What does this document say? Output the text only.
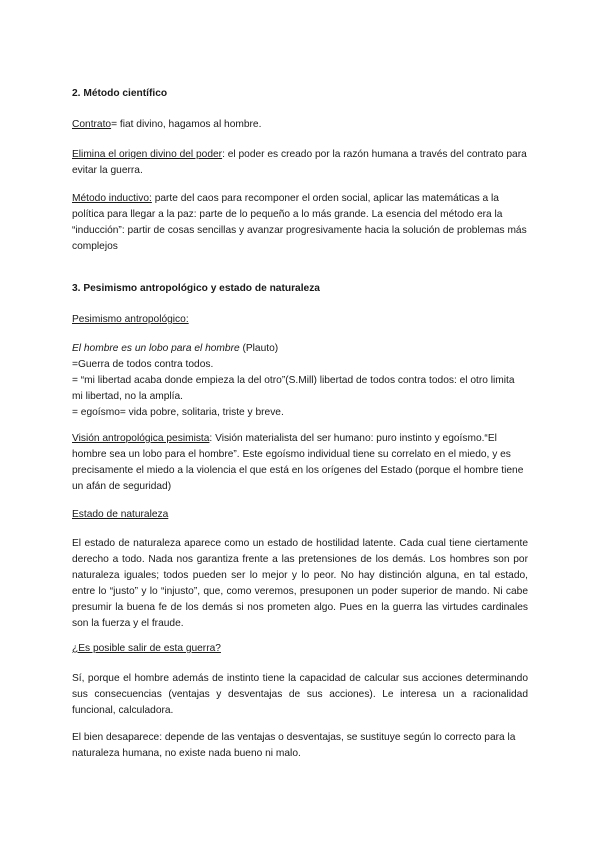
2. Método científico

Contrato= fiat divino, hagamos al hombre.

Elimina el origen divino del poder: el poder es creado por la razón humana a través del contrato para evitar la guerra.

Método inductivo: parte del caos para recomponer el orden social, aplicar las matemáticas a la política para llegar a la paz: parte de lo pequeño a lo más grande. La esencia del método era la “inducción”: partir de cosas sencillas y avanzar progresivamente hacia la solución de problemas más complejos

3. Pesimismo antropológico y estado de naturaleza

Pesimismo antropológico:

El hombre es un lobo para el hombre (Plauto)
=Guerra de todos contra todos.
= “mi libertad acaba donde empieza la del otro”(S.Mill) libertad de todos contra todos: el otro limita mi libertad, no la amplía.
= egoísmo= vida pobre, solitaria, triste y breve.

Visión antropológica pesimista: Visión materialista del ser humano: puro instinto y egoísmo.“El hombre sea un lobo para el hombre”. Este egoísmo individual tiene su correlato en el miedo, y es precisamente el miedo a la violencia el que está en los orígenes del Estado (porque el hombre tiene un afán de seguridad)

Estado de naturaleza

El estado de naturaleza aparece como un estado de hostilidad latente. Cada cual tiene ciertamente derecho a todo. Nada nos garantiza frente a las pretensiones de los demás. Los hombres son por naturaleza iguales; todos pueden ser lo mejor y lo peor. No hay distinción alguna, en tal estado, entre lo “justo” y lo “injusto”, que, como veremos, presuponen un poder superior de mando. Ni cabe presumir la buena fe de los demás si nos prometen algo. Pues en la guerra las virtudes cardinales son la fuerza y el fraude.

¿Es posible salir de esta guerra?

Sí, porque el hombre además de instinto tiene la capacidad de calcular sus acciones determinando sus consecuencias (ventajas y desventajas de sus acciones). Le interesa un a racionalidad funcional, calculadora.

El bien desaparece: depende de las ventajas o desventajas, se sustituye según lo correcto para la naturaleza humana, no existe nada bueno ni malo.
